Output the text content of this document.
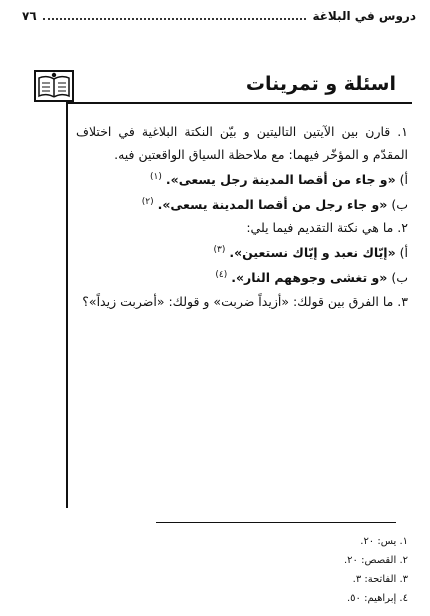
٧٦	دروس في البلاغة
اسئلة و تمرينات

١. قارن بين الآيتين التاليتين و بيّن النكتة البلاغية في اختلاف المقدّم و المؤخّر فيهما: مع ملاحظة السياق الواقعتين فيه.

أ) «و جاء من أقصا المدينة رجل يسعى». $^{(١)}$

ب) «و جاء رجل من أقصا المدينة يسعى». $^{(٢)}$

٢. ما هي نكتة التقديم فيما يلي:

أ) «إيّاك نعبد و إيّاك نستعين». $^{(٣)}$

ب) «و تغشى وجوههم النار». $^{(٤)}$

٣. ما الفرق بين قولك: «أزيداً ضربت» و قولك: «أضربت زيداً»؟

١. يس: ٢٠.
٢. القصص: ٢٠.
٣. الفاتحة: ٣.
٤. إبراهيم: ٥٠.
